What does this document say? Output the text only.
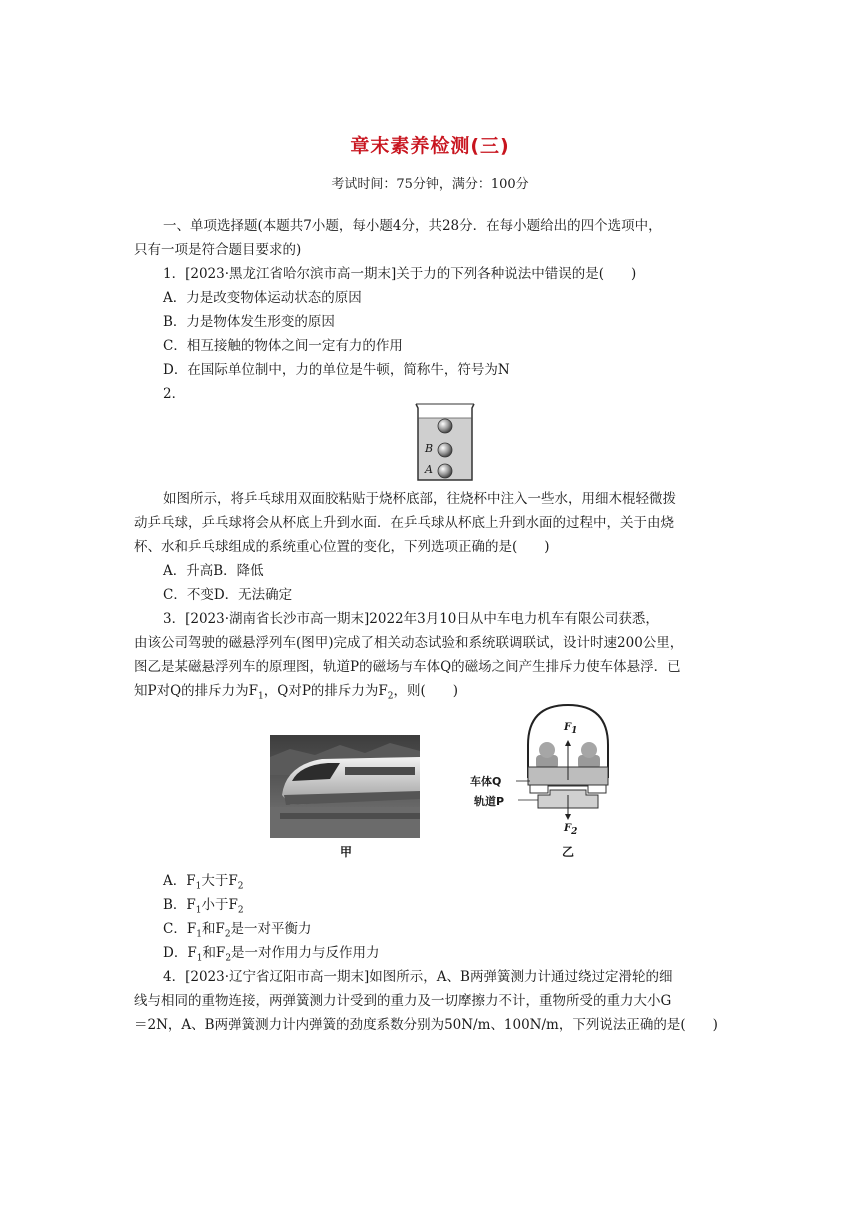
章末素养检测(三)
考试时间：75分钟，满分：100分
一、单项选择题(本题共7小题，每小题4分，共28分．在每小题给出的四个选项中，
只有一项是符合题目要求的)
1．[2023·黑龙江省哈尔滨市高一期末]关于力的下列各种说法中错误的是(　　)
A．力是改变物体运动状态的原因
B．力是物体发生形变的原因
C．相互接触的物体之间一定有力的作用
D．在国际单位制中，力的单位是牛顿，简称牛，符号为N
2．
B
A
如图所示，将乒乓球用双面胶粘贴于烧杯底部，往烧杯中注入一些水，用细木棍轻微拨
动乒乓球，乒乓球将会从杯底上升到水面．在乒乓球从杯底上升到水面的过程中，关于由烧
杯、水和乒乓球组成的系统重心位置的变化，下列选项正确的是(　　)
A．升高B．降低
C．不变D．无法确定
3．[2023·湖南省长沙市高一期末]2022年3月10日从中车电力机车有限公司获悉，
由该公司驾驶的磁悬浮列车(图甲)完成了相关动态试验和系统联调联试，设计时速200公里，
图乙是某磁悬浮列车的原理图，轨道P的磁场与车体Q的磁场之间产生排斥力使车体悬浮．已
知P对Q的排斥力为$F_1$，Q对P的排斥力为$F_2$，则(　　)
甲
车体Q
轨道P
$F_1$
$F_2$
乙
A．$F_1$大于$F_2$
B．$F_1$小于$F_2$
C．$F_1$和$F_2$是一对平衡力
D．$F_1$和$F_2$是一对作用力与反作用力
4．[2023·辽宁省辽阳市高一期末]如图所示，A、B两弹簧测力计通过绕过定滑轮的细
线与相同的重物连接，两弹簧测力计受到的重力及一切摩擦力不计，重物所受的重力大小G
＝2N，A、B两弹簧测力计内弹簧的劲度系数分别为50N/m、100N/m，下列说法正确的是(　　)
